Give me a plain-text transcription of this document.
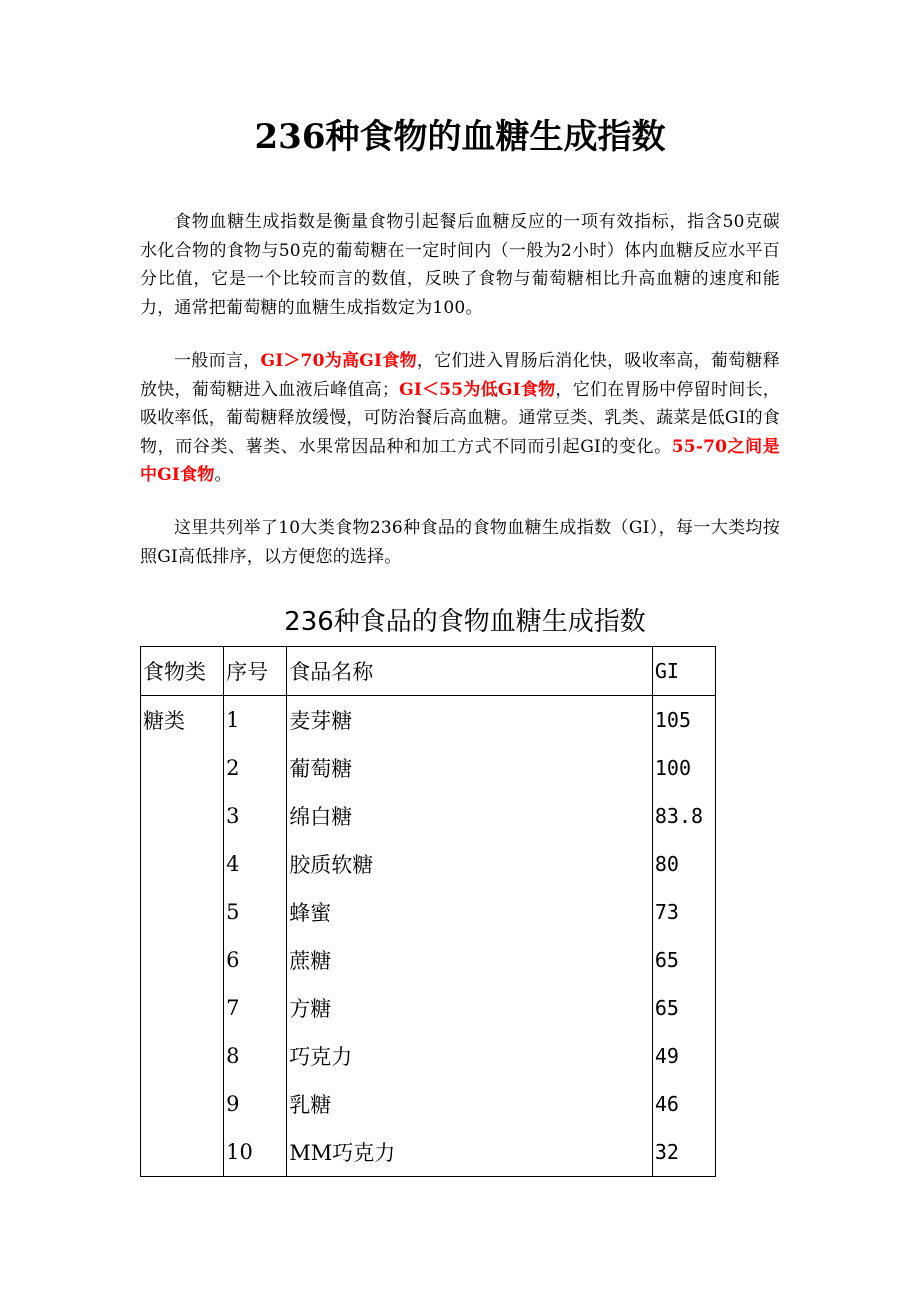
236种食物的血糖生成指数

食物血糖生成指数是衡量食物引起餐后血糖反应的一项有效指标，指含50克碳水化合物的食物与50克的葡萄糖在一定时间内（一般为2小时）体内血糖反应水平百分比值，它是一个比较而言的数值，反映了食物与葡萄糖相比升高血糖的速度和能力，通常把葡萄糖的血糖生成指数定为100。

一般而言，GI＞70为高GI食物，它们进入胃肠后消化快，吸收率高，葡萄糖释放快，葡萄糖进入血液后峰值高；GI＜55为低GI食物，它们在胃肠中停留时间长，吸收率低，葡萄糖释放缓慢，可防治餐后高血糖。通常豆类、乳类、蔬菜是低GI的食物，而谷类、薯类、水果常因品种和加工方式不同而引起GI的变化。55-70之间是中GI食物。

这里共列举了10大类食物236种食品的食物血糖生成指数（GI），每一大类均按照GI高低排序，以方便您的选择。

236种食品的食物血糖生成指数
食物类	序号	食品名称	GI
糖类	1	麦芽糖	105
	2	葡萄糖	100
	3	绵白糖	83.8
	4	胶质软糖	80
	5	蜂蜜	73
	6	蔗糖	65
	7	方糖	65
	8	巧克力	49
	9	乳糖	46
	10	MM巧克力	32
